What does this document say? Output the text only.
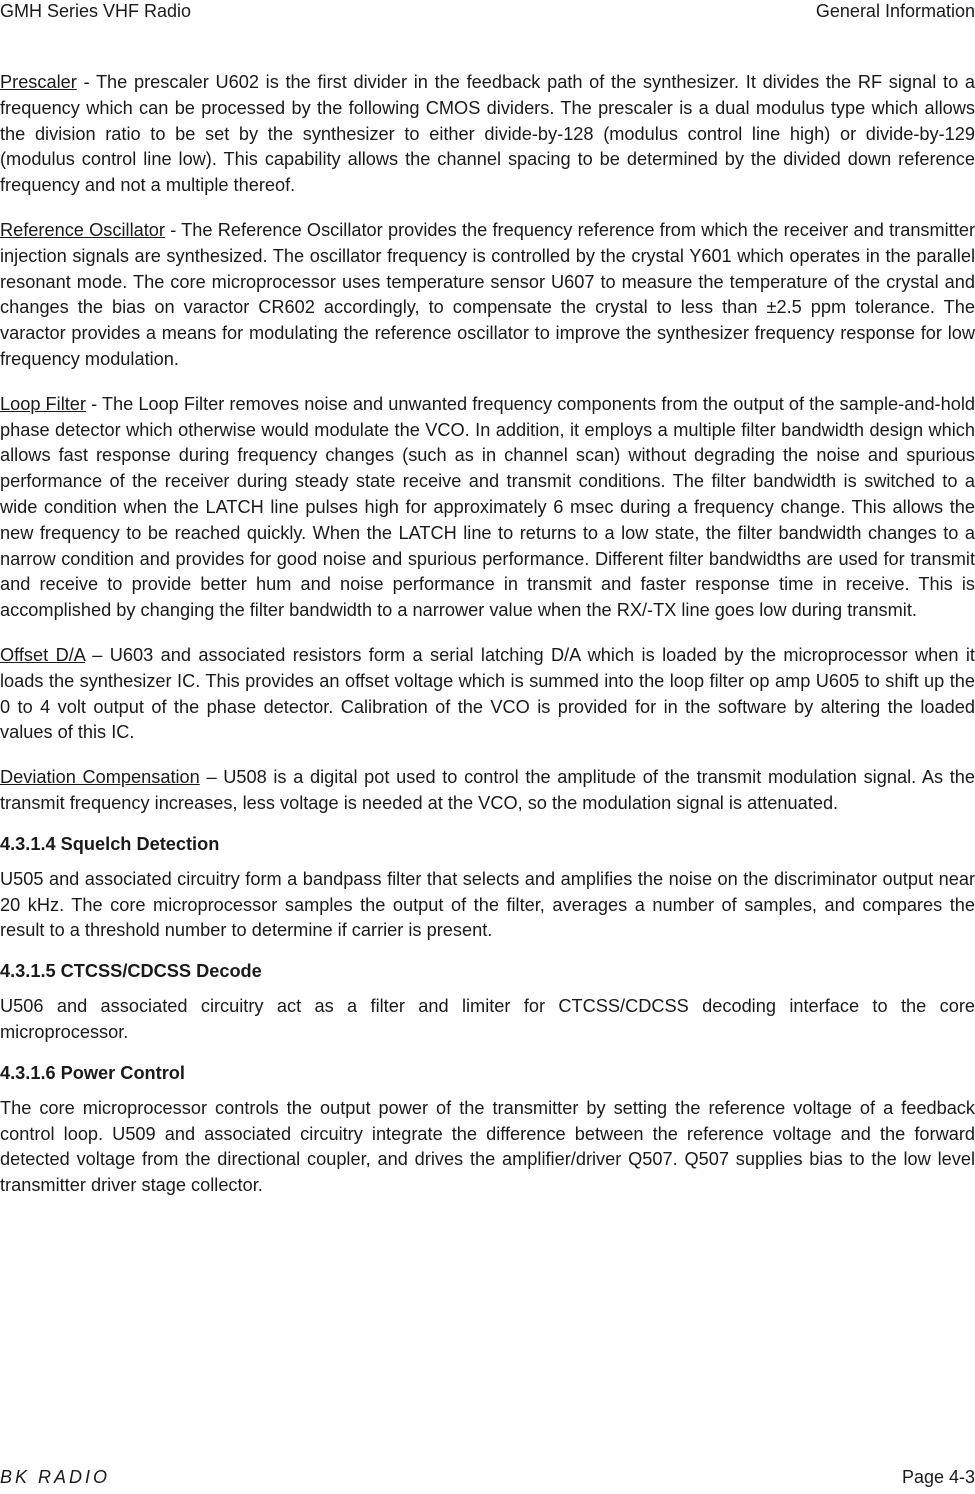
GMH Series VHF Radio	General Information

Prescaler - The prescaler U602 is the first divider in the feedback path of the synthesizer. It divides the RF signal to a frequency which can be processed by the following CMOS dividers. The prescaler is a dual modulus type which allows the division ratio to be set by the synthesizer to either divide-by-128 (modulus control line high) or divide-by-129 (modulus control line low). This capability allows the channel spacing to be determined by the divided down reference frequency and not a multiple thereof.

Reference Oscillator - The Reference Oscillator provides the frequency reference from which the receiver and transmitter injection signals are synthesized. The oscillator frequency is controlled by the crystal Y601 which operates in the parallel resonant mode. The core microprocessor uses temperature sensor U607 to measure the temperature of the crystal and changes the bias on varactor CR602 accordingly, to compensate the crystal to less than ±2.5 ppm tolerance. The varactor provides a means for modulating the reference oscillator to improve the synthesizer frequency response for low frequency modulation.

Loop Filter - The Loop Filter removes noise and unwanted frequency components from the output of the sample-and-hold phase detector which otherwise would modulate the VCO. In addition, it employs a multiple filter bandwidth design which allows fast response during frequency changes (such as in channel scan) without degrading the noise and spurious performance of the receiver during steady state receive and transmit conditions. The filter bandwidth is switched to a wide condition when the LATCH line pulses high for approximately 6 msec during a frequency change. This allows the new frequency to be reached quickly. When the LATCH line to returns to a low state, the filter bandwidth changes to a narrow condition and provides for good noise and spurious performance. Different filter bandwidths are used for transmit and receive to provide better hum and noise performance in transmit and faster response time in receive. This is accomplished by changing the filter bandwidth to a narrower value when the RX/-TX line goes low during transmit.

Offset D/A – U603 and associated resistors form a serial latching D/A which is loaded by the microprocessor when it loads the synthesizer IC. This provides an offset voltage which is summed into the loop filter op amp U605 to shift up the 0 to 4 volt output of the phase detector. Calibration of the VCO is provided for in the software by altering the loaded values of this IC.

Deviation Compensation – U508 is a digital pot used to control the amplitude of the transmit modulation signal. As the transmit frequency increases, less voltage is needed at the VCO, so the modulation signal is attenuated.

4.3.1.4 Squelch Detection

U505 and associated circuitry form a bandpass filter that selects and amplifies the noise on the discriminator output near 20 kHz. The core microprocessor samples the output of the filter, averages a number of samples, and compares the result to a threshold number to determine if carrier is present.

4.3.1.5 CTCSS/CDCSS Decode

U506 and associated circuitry act as a filter and limiter for CTCSS/CDCSS decoding interface to the core microprocessor.

4.3.1.6 Power Control

The core microprocessor controls the output power of the transmitter by setting the reference voltage of a feedback control loop. U509 and associated circuitry integrate the difference between the reference voltage and the forward detected voltage from the directional coupler, and drives the amplifier/driver Q507. Q507 supplies bias to the low level transmitter driver stage collector.

BK RADIO	Page 4-3
